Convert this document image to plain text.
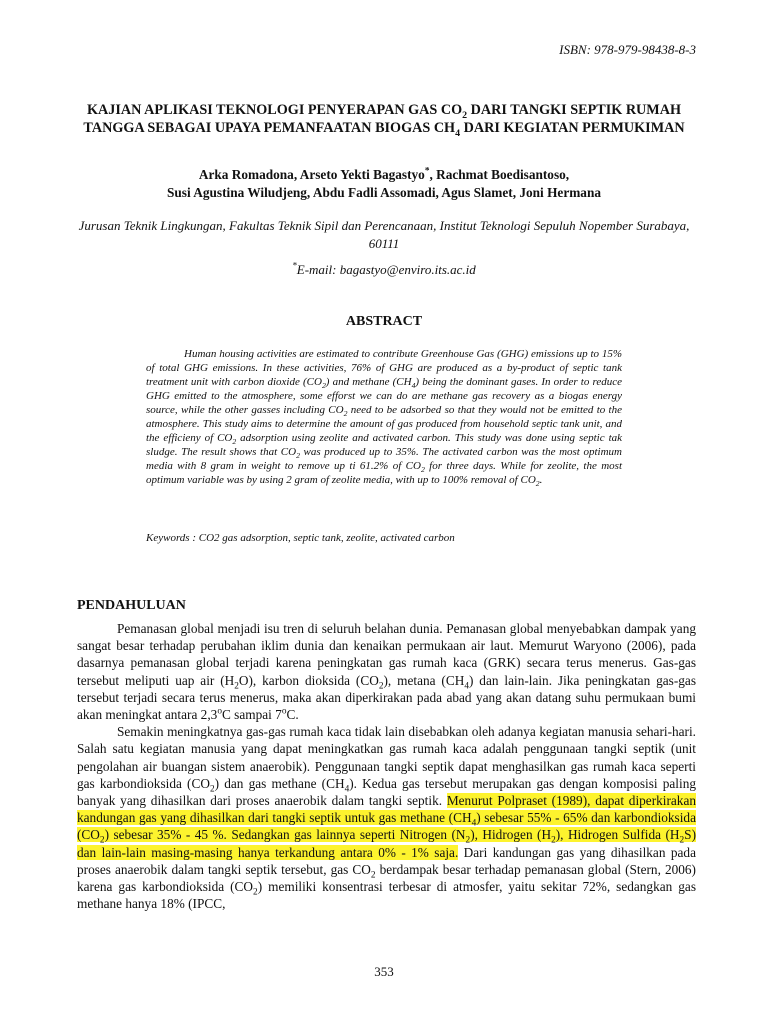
ISBN: 978-979-98438-8-3
KAJIAN APLIKASI TEKNOLOGI PENYERAPAN GAS $CO_2$ DARI TANGKI SEPTIK RUMAH TANGGA SEBAGAI UPAYA PEMANFAATAN BIOGAS $CH_4$ DARI KEGIATAN PERMUKIMAN
Arka Romadona, Arseto Yekti Bagastyo*, Rachmat Boedisantoso,
Susi Agustina Wiludjeng, Abdu Fadli Assomadi, Agus Slamet, Joni Hermana
Jurusan Teknik Lingkungan, Fakultas Teknik Sipil dan Perencanaan, Institut Teknologi Sepuluh Nopember Surabaya, 60111
*E-mail: bagastyo@enviro.its.ac.id
ABSTRACT
Human housing activities are estimated to contribute Greenhouse Gas (GHG) emissions up to 15% of total GHG emissions. In these activities, 76% of GHG are produced as a by-product of septic tank treatment unit with carbon dioxide $(CO_2)$ and methane $(CH_4)$ being the dominant gases. In order to reduce GHG emitted to the atmosphere, some efforst we can do are methane gas recovery as a biogas energy source, while the other gasses including $CO_2$ need to be adsorbed so that they would not be emitted to the atmosphere. This study aims to determine the amount of gas produced from household septic tank unit, and the efficieny of $CO_2$ adsorption using zeolite and activated carbon. This study was done using septic tak sludge. The result shows that $CO_2$ was produced up to 35%. The activated carbon was the most optimum media with 8 gram in weight to remove up ti 61.2% of $CO_2$ for three days. While for zeolite, the most optimum variable was by using 2 gram of zeolite media, with up to 100% removal of $CO_2$.
Keywords : CO2 gas adsorption, septic tank, zeolite, activated carbon
PENDAHULUAN

Pemanasan global menjadi isu tren di seluruh belahan dunia. Pemanasan global menyebabkan dampak yang sangat besar terhadap perubahan iklim dunia dan kenaikan permukaan air laut. Memurut Waryono (2006), pada dasarnya pemanasan global terjadi karena peningkatan gas rumah kaca (GRK) secara terus menerus. Gas-gas tersebut meliputi uap air $(H_2O)$, karbon dioksida $(CO_2)$, metana $(CH_4)$ dan lain-lain. Jika peningkatan gas-gas tersebut terjadi secara terus menerus, maka akan diperkirakan pada abad yang akan datang suhu permukaan bumi akan meningkat antara 2,3$^o$C sampai 7$^o$C.

Semakin meningkatnya gas-gas rumah kaca tidak lain disebabkan oleh adanya kegiatan manusia sehari-hari. Salah satu kegiatan manusia yang dapat meningkatkan gas rumah kaca adalah penggunaan tangki septik (unit pengolahan air buangan sistem anaerobik). Penggunaan tangki septik dapat menghasilkan gas rumah kaca seperti gas karbondioksida $(CO_2)$ dan gas methane $(CH_4)$. Kedua gas tersebut merupakan gas dengan komposisi paling banyak yang dihasilkan dari proses anaerobik dalam tangki septik. Menurut Polpraset (1989), dapat diperkirakan kandungan gas yang dihasilkan dari tangki septik untuk gas methane $(CH_4)$ sebesar 55% - 65% dan karbondioksida $(CO_2)$ sebesar 35% - 45 %. Sedangkan gas lainnya seperti Nitrogen $(N_2)$, Hidrogen $(H_2)$, Hidrogen Sulfida $(H_2S)$ dan lain-lain masing-masing hanya terkandung antara 0% - 1% saja. Dari kandungan gas yang dihasilkan pada proses anaerobik dalam tangki septik tersebut, gas $CO_2$ berdampak besar terhadap pemanasan global (Stern, 2006) karena gas karbondioksida $(CO_2)$ memiliki konsentrasi terbesar di atmosfer, yaitu sekitar 72%, sedangkan gas methane hanya 18% (IPCC,

353
